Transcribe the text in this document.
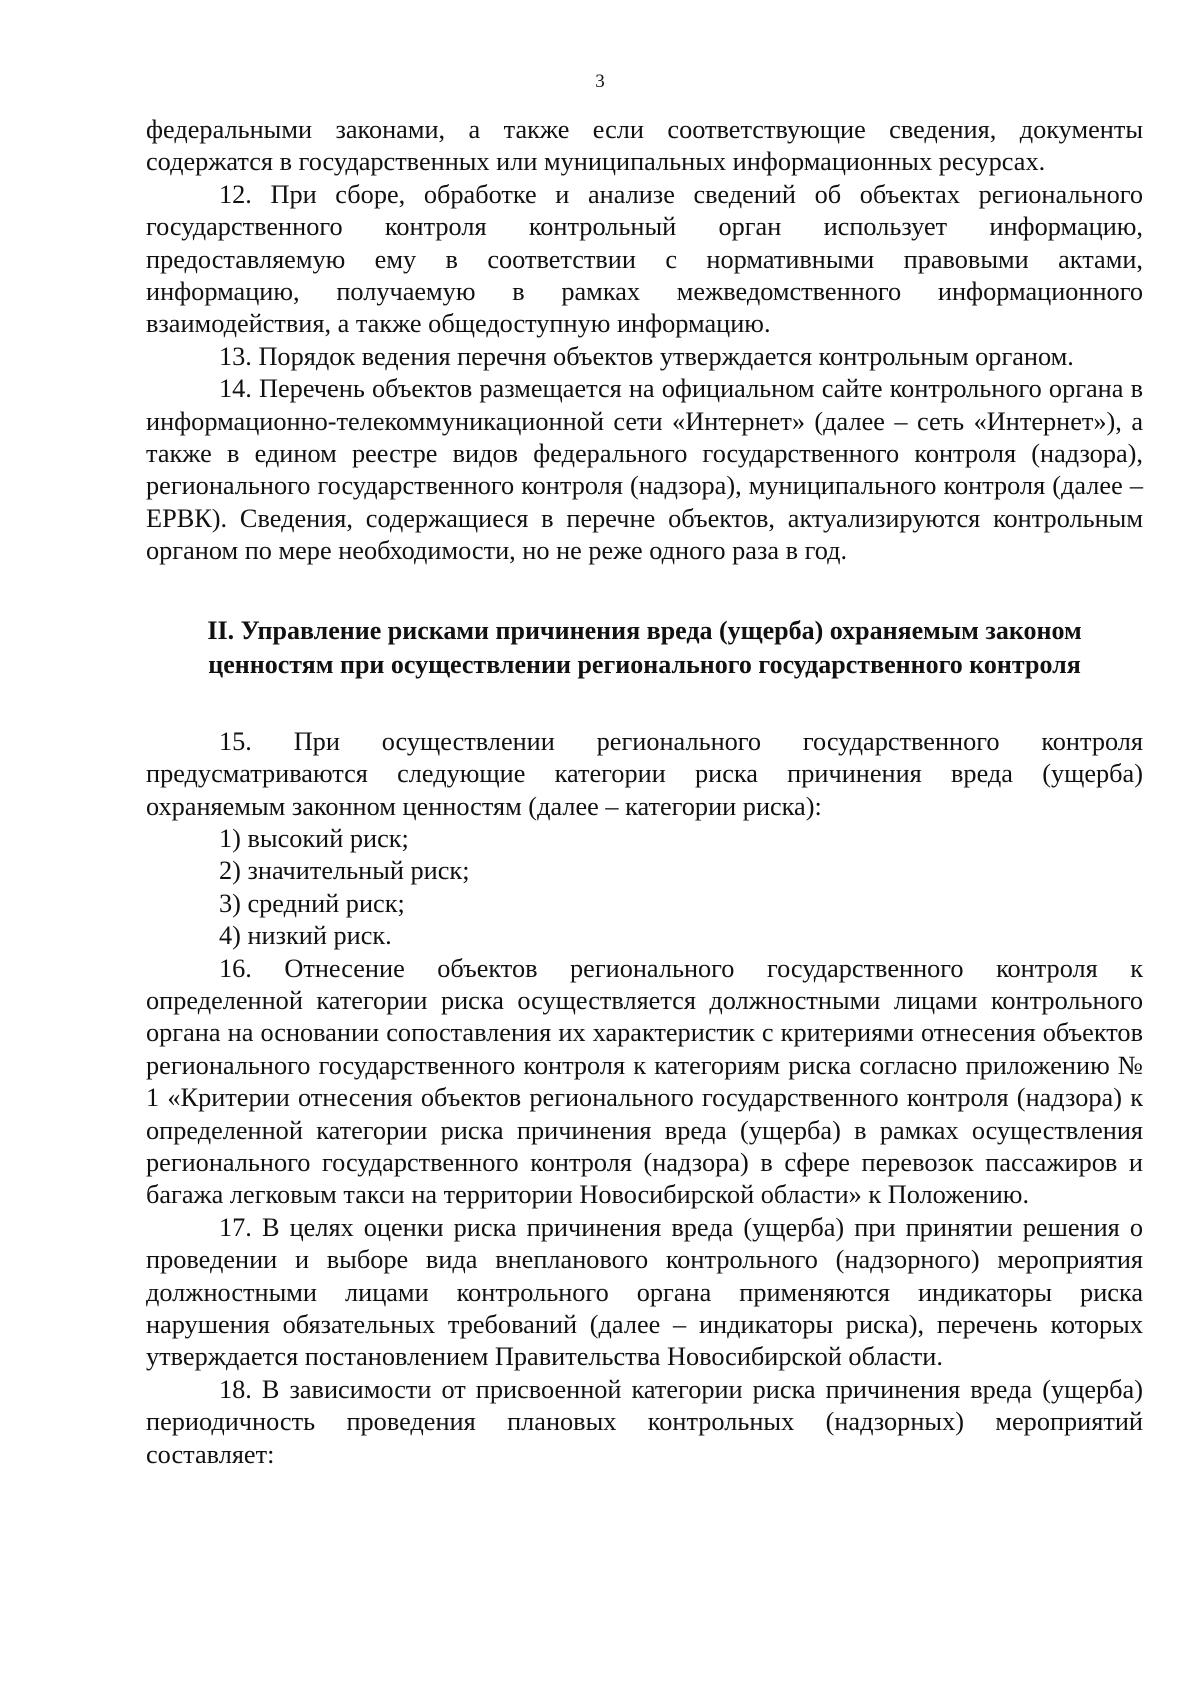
3

федеральными законами, а также если соответствующие сведения, документы содержатся в государственных или муниципальных информационных ресурсах.

12. При сборе, обработке и анализе сведений об объектах регионального государственного контроля контрольный орган использует информацию, предоставляемую ему в соответствии с нормативными правовыми актами, информацию, получаемую в рамках межведомственного информационного взаимодействия, а также общедоступную информацию.

13. Порядок ведения перечня объектов утверждается контрольным органом.

14. Перечень объектов размещается на официальном сайте контрольного органа в информационно-телекоммуникационной сети «Интернет» (далее – сеть «Интернет»), а также в едином реестре видов федерального государственного контроля (надзора), регионального государственного контроля (надзора), муниципального контроля (далее – ЕРВК). Сведения, содержащиеся в перечне объектов, актуализируются контрольным органом по мере необходимости, но не реже одного раза в год.

II. Управление рисками причинения вреда (ущерба) охраняемым законом
ценностям при осуществлении регионального государственного контроля

15. При осуществлении регионального государственного контроля предусматриваются следующие категории риска причинения вреда (ущерба) охраняемым законном ценностям (далее – категории риска):

1) высокий риск;

2) значительный риск;

3) средний риск;

4) низкий риск.

16. Отнесение объектов регионального государственного контроля к определенной категории риска осуществляется должностными лицами контрольного органа на основании сопоставления их характеристик с критериями отнесения объектов регионального государственного контроля к категориям риска согласно приложению № 1 «Критерии отнесения объектов регионального государственного контроля (надзора) к определенной категории риска причинения вреда (ущерба) в рамках осуществления регионального государственного контроля (надзора) в сфере перевозок пассажиров и багажа легковым такси на территории Новосибирской области» к Положению.

17. В целях оценки риска причинения вреда (ущерба) при принятии решения о проведении и выборе вида внепланового контрольного (надзорного) мероприятия должностными лицами контрольного органа применяются индикаторы риска нарушения обязательных требований (далее – индикаторы риска), перечень которых утверждается постановлением Правительства Новосибирской области.

18. В зависимости от присвоенной категории риска причинения вреда (ущерба) периодичность проведения плановых контрольных (надзорных) мероприятий составляет:
